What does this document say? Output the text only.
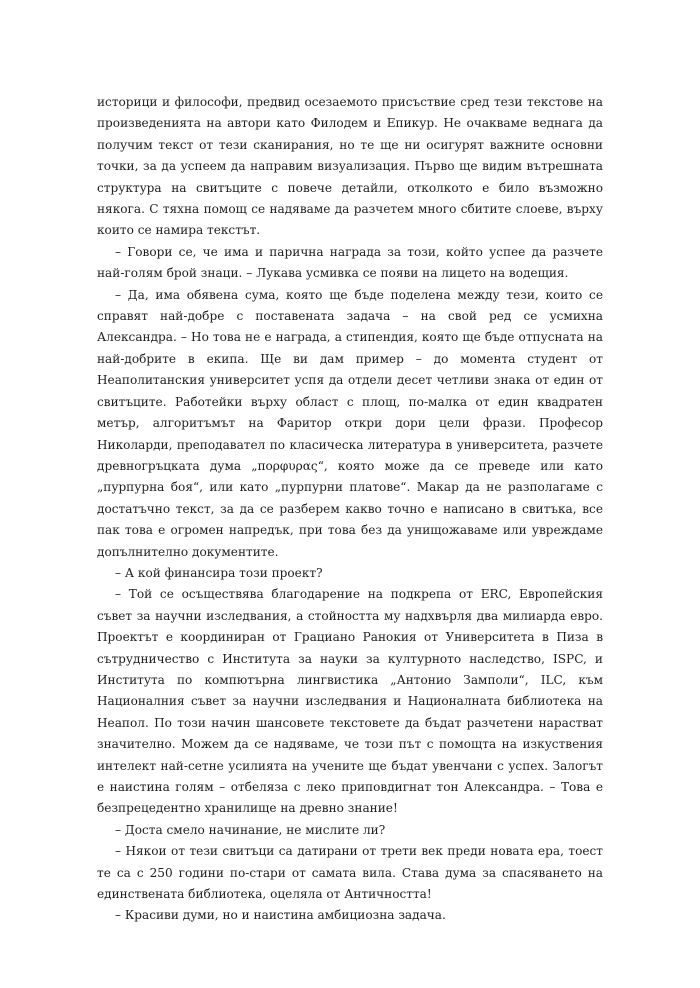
историци и философи, предвид осезаемото присъствие сред тези текстове на произведенията на автори като Филодем и Епикур. Не очакваме веднага да получим текст от тези сканирания, но те ще ни осигурят важните основни точки, за да успеем да направим визуализация. Първо ще видим вътрешната структура на свитъците с повече детайли, отколкото е било възможно някога. С тяхна помощ се надяваме да разчетем много сбитите слоеве, върху които се намира текстът.

– Говори се, че има и парична награда за този, който успее да разчете най-голям брой знаци. – Лукава усмивка се появи на лицето на водещия.

– Да, има обявена сума, която ще бъде поделена между тези, които се справят най-добре с поставената задача – на свой ред се усмихна Александра. – Но това не е награда, а стипендия, която ще бъде отпусната на най-добрите в екипа. Ще ви дам пример – до момента студент от Неаполитанския университет успя да отдели десет четливи знака от един от свитъците. Работейки върху област с площ, по-малка от един квадратен метър, алгоритъмът на Фаритор откри дори цели фрази. Професор Николарди, преподавател по класическа литература в университета, разчете древногръцката дума „πορφυρας“, която може да се преведе или като „пурпурна боя“, или като „пурпурни платове“. Макар да не разполагаме с достатъчно текст, за да се разберем какво точно е написано в свитъка, все пак това е огромен напредък, при това без да унищожаваме или увреждаме допълнително документите.

– А кой финансира този проект?

– Той се осъществява благодарение на подкрепа от ERC, Европейския съвет за научни изследвания, а стойността му надхвърля два милиарда евро. Проектът е координиран от Грациано Ранокия от Университета в Пиза в сътрудничество с Института за науки за културното наследство, ISPC, и Института по компютърна лингвистика „Антонио Замполи“, ILC, към Националния съвет за научни изследвания и Националната библиотека на Неапол. По този начин шансовете текстовете да бъдат разчетени нарастват значително. Можем да се надяваме, че този път с помощта на изкуствения интелект най-сетне усилията на учените ще бъдат увенчани с успех. Залогът е наистина голям – отбеляза с леко приповдигнат тон Александра. – Това е безпрецедентно хранилище на древно знание!

– Доста смело начинание, не мислите ли?

– Някои от тези свитъци са датирани от трети век преди новата ера, тоест те са с 250 години по-стари от самата вила. Става дума за спасяването на единствената библиотека, оцеляла от Античността!

– Красиви думи, но и наистина амбициозна задача.
